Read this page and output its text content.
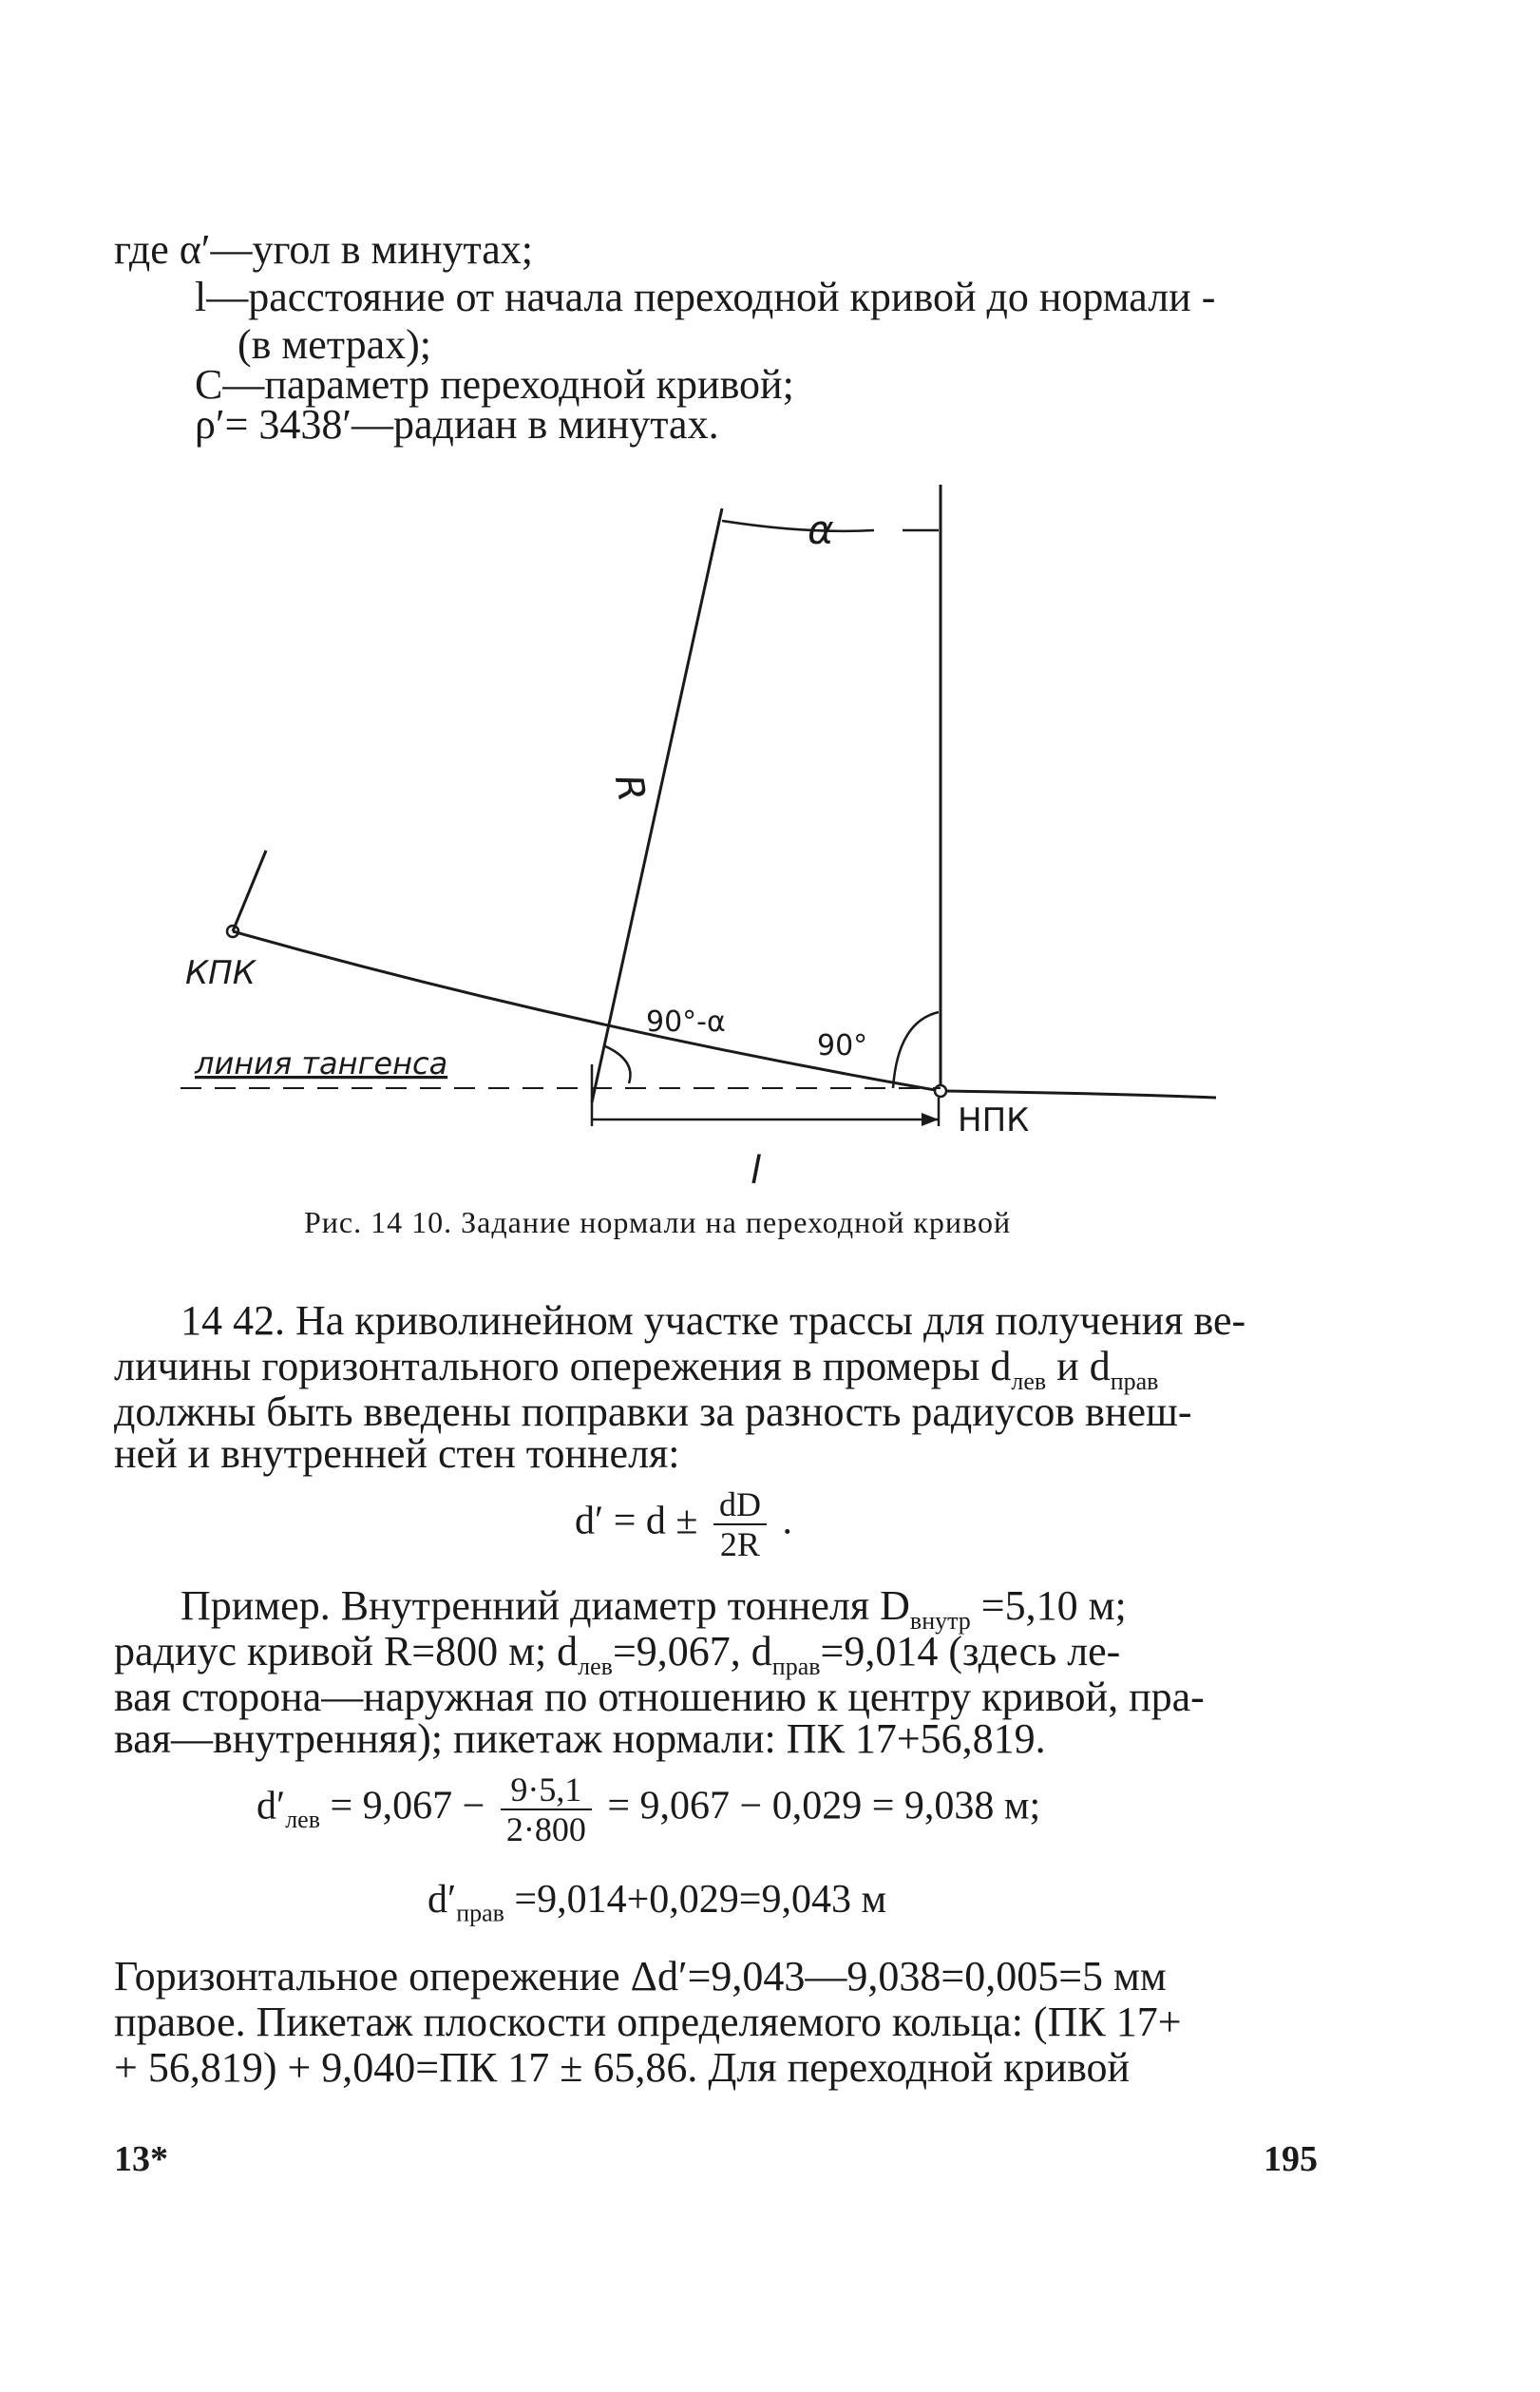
где α′—угол в минутах;
l—расстояние от начала переходной кривой до нормали -
(в метрах);
C—параметр переходной кривой;
ρ′= 3438′—радиан в минутах.
α
R
КПК
линия тангенса
90°-α
90°
НПК
l
Рис. 14 10. Задание нормали на переходной кривой
14 42. На криволинейном участке трассы для получения ве-
личины горизонтального опережения в промеры $d_{лев}$ и $d_{прав}$
должны быть введены поправки за разность радиусов внеш-
ней и внутренней стен тоннеля:
$d' = d \pm \frac{dD}{2R}$ .
Пример. Внутренний диаметр тоннеля $D_{внутр} =5,10$ м;
радиус кривой R=800 м; $d_{лев}=9,067$, $d_{прав}=9,014$ (здесь ле-
вая сторона—наружная по отношению к центру кривой, пра-
вая—внутренняя); пикетаж нормали: ПК 17+56,819.
$d'_{лев} = 9,067 - \frac{9\cdot 5,1}{2\cdot 800} = 9,067 - 0,029 = 9,038$ м;
$d'_{прав} =9,014+0,029=9,043$ м
Горизонтальное опережение Δd′=9,043—9,038=0,005=5 мм
правое. Пикетаж плоскости определяемого кольца: (ПК 17+
+ 56,819) + 9,040=ПК 17 ± 65,86. Для переходной кривой
13*	195
